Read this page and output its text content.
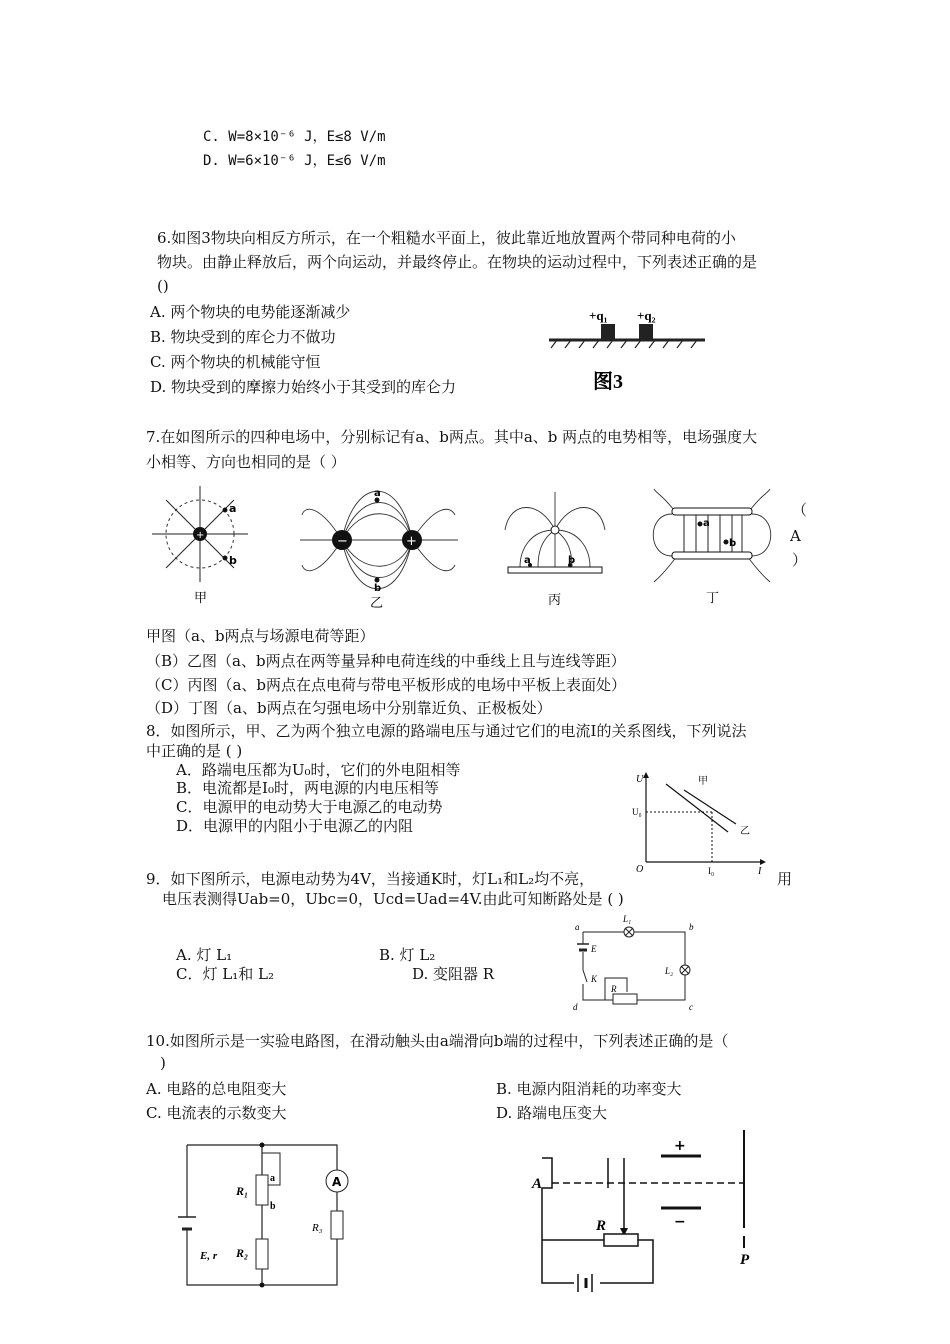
C. W=8×10⁻⁶ J，E≤8 V/m
D. W=6×10⁻⁶ J，E≤6 V/m
6.如图3物块向相反方所示，在一个粗糙水平面上，彼此靠近地放置两个带同种电荷的小
物块。由静止释放后，两个向运动，并最终停止。在物块的运动过程中，下列表述正确的是
()
A. 两个物块的电势能逐渐减少
B. 物块受到的库仑力不做功
C. 两个物块的机械能守恒
D. 物块受到的摩擦力始终小于其受到的库仑力
+q₁ +q₂
图3
7.在如图所示的四种电场中，分别标记有a、b两点。其中a、b 两点的电势相等，电场强度大
小相等、方向也相同的是（ ）
+
a
b
甲
−	+
a
b
乙
a	b
丙
a
b
丁
（
A
）
甲图（a、b两点与场源电荷等距）
（B）乙图（a、b两点在两等量异种电荷连线的中垂线上且与连线等距）
（C）丙图（a、b两点在点电荷与带电平板形成的电场中平板上表面处）
（D）丁图（a、b两点在匀强电场中分别靠近负、正极板处）
8．如图所示，甲、乙为两个独立电源的路端电压与通过它们的电流I的关系图线，下列说法
中正确的是 ( )
A．路端电压都为U₀时，它们的外电阻相等
B．电流都是I₀时，两电源的内电压相等
C．电源甲的电动势大于电源乙的电动势
D．电源甲的内阻小于电源乙的内阻
U
I
O
U₀
I₀
甲
乙
9．如下图所示，电源电动势为4V，当接通K时，灯L₁和L₂均不亮，	用
电压表测得Uab=0，Ubc=0，Ucd=Uad=4V.由此可知断路处是 ( )
A. 灯 L₁	B. 灯 L₂
C．灯 L₁和 L₂	D. 变阻器 R
a	b
c
d
E
K
R
L₁
L₂
10.如图所示是一实验电路图，在滑动触头由a端滑向b端的过程中，下列表述正确的是（
)
A. 电路的总电阻变大	B. 电源内阻消耗的功率变大
C. 电流表的示数变大	D. 路端电压变大
A
R₁
R₂
R₃
a
b
E, r
+
−
A
R
P
